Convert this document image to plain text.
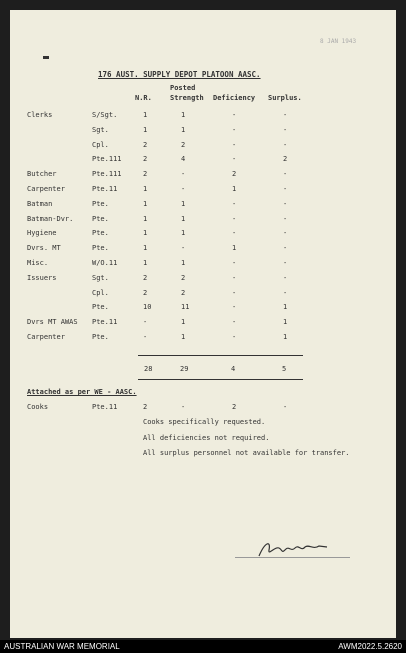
8 JAN 1943
176 AUST. SUPPLY DEPOT PLATOON AASC.
Posted
N.R.	Strength Deficiency Surplus.
Clerks	S/Sgt.	1	1	-	-
Sgt.	1	1	-	-
Cpl.	2	2	-	-
Pte.111	2	4	-	2
Butcher	Pte.111	2	-	2	-
Carpenter	Pte.11	1	-	1	-
Batman	Pte.	1	1	-	-
Batman-Dvr.	Pte.	1	1	-	-
Hygiene	Pte.	1	1	-	-
Dvrs. MT	Pte.	1	-	1	-
Misc.	W/O.11	1	1	-	-
Issuers	Sgt.	2	2	-	-
Cpl.	2	2	-	-
Pte.	10	11	-	1
Dvrs MT AWAS Pte.11	-	1	-	1
Carpenter	Pte.	-	1	-	1
28	29	4	5
Attached as per WE - AASC.
Cooks	Pte.11	2	-	2	-
Cooks specifically requested.
All deficiencies not required.
All surplus personnel not available for transfer.
AUSTRALIAN WAR MEMORIAL	AWM2022.5.2620
